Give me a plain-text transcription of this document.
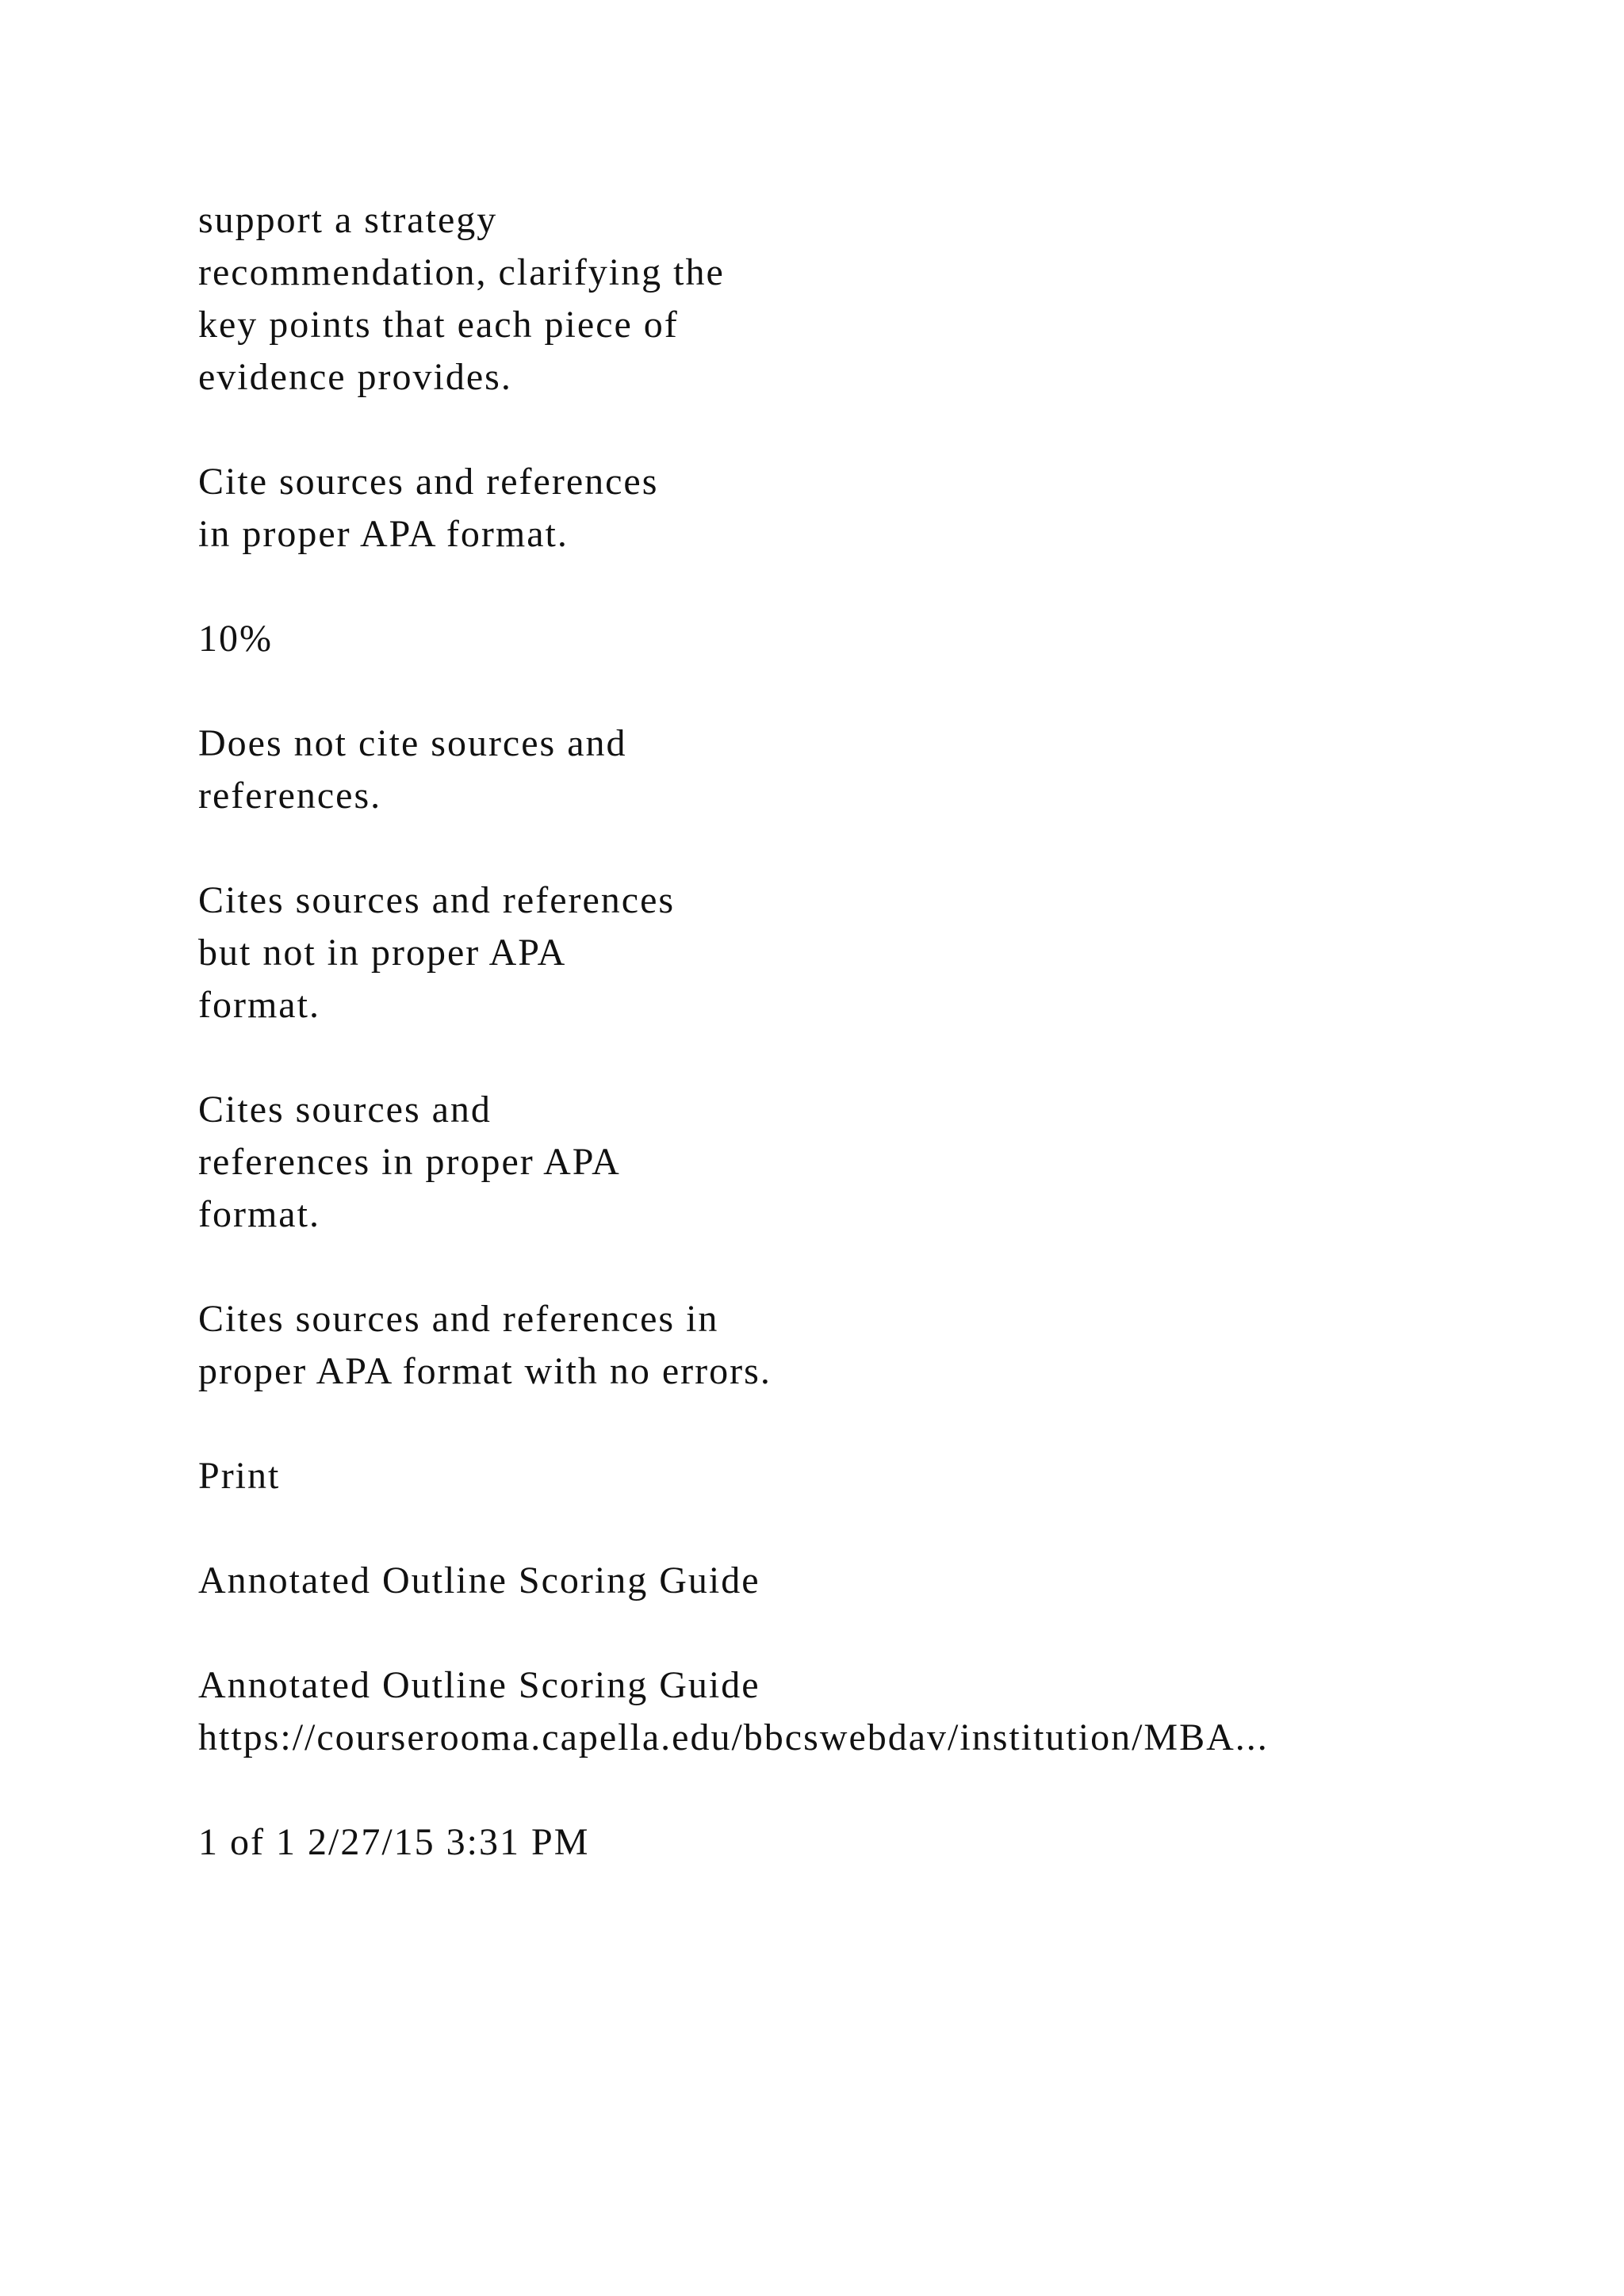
support a strategy
recommendation, clarifying the
key points that each piece of
evidence provides.

Cite sources and references
in proper APA format.

10%

Does not cite sources and
references.

Cites sources and references
but not in proper APA
format.

Cites sources and
references in proper APA
format.

Cites sources and references in
proper APA format with no errors.

Print

Annotated Outline Scoring Guide

Annotated Outline Scoring Guide
https://courserooma.capella.edu/bbcswebdav/institution/MBA...

1 of 1 2/27/15 3:31 PM
